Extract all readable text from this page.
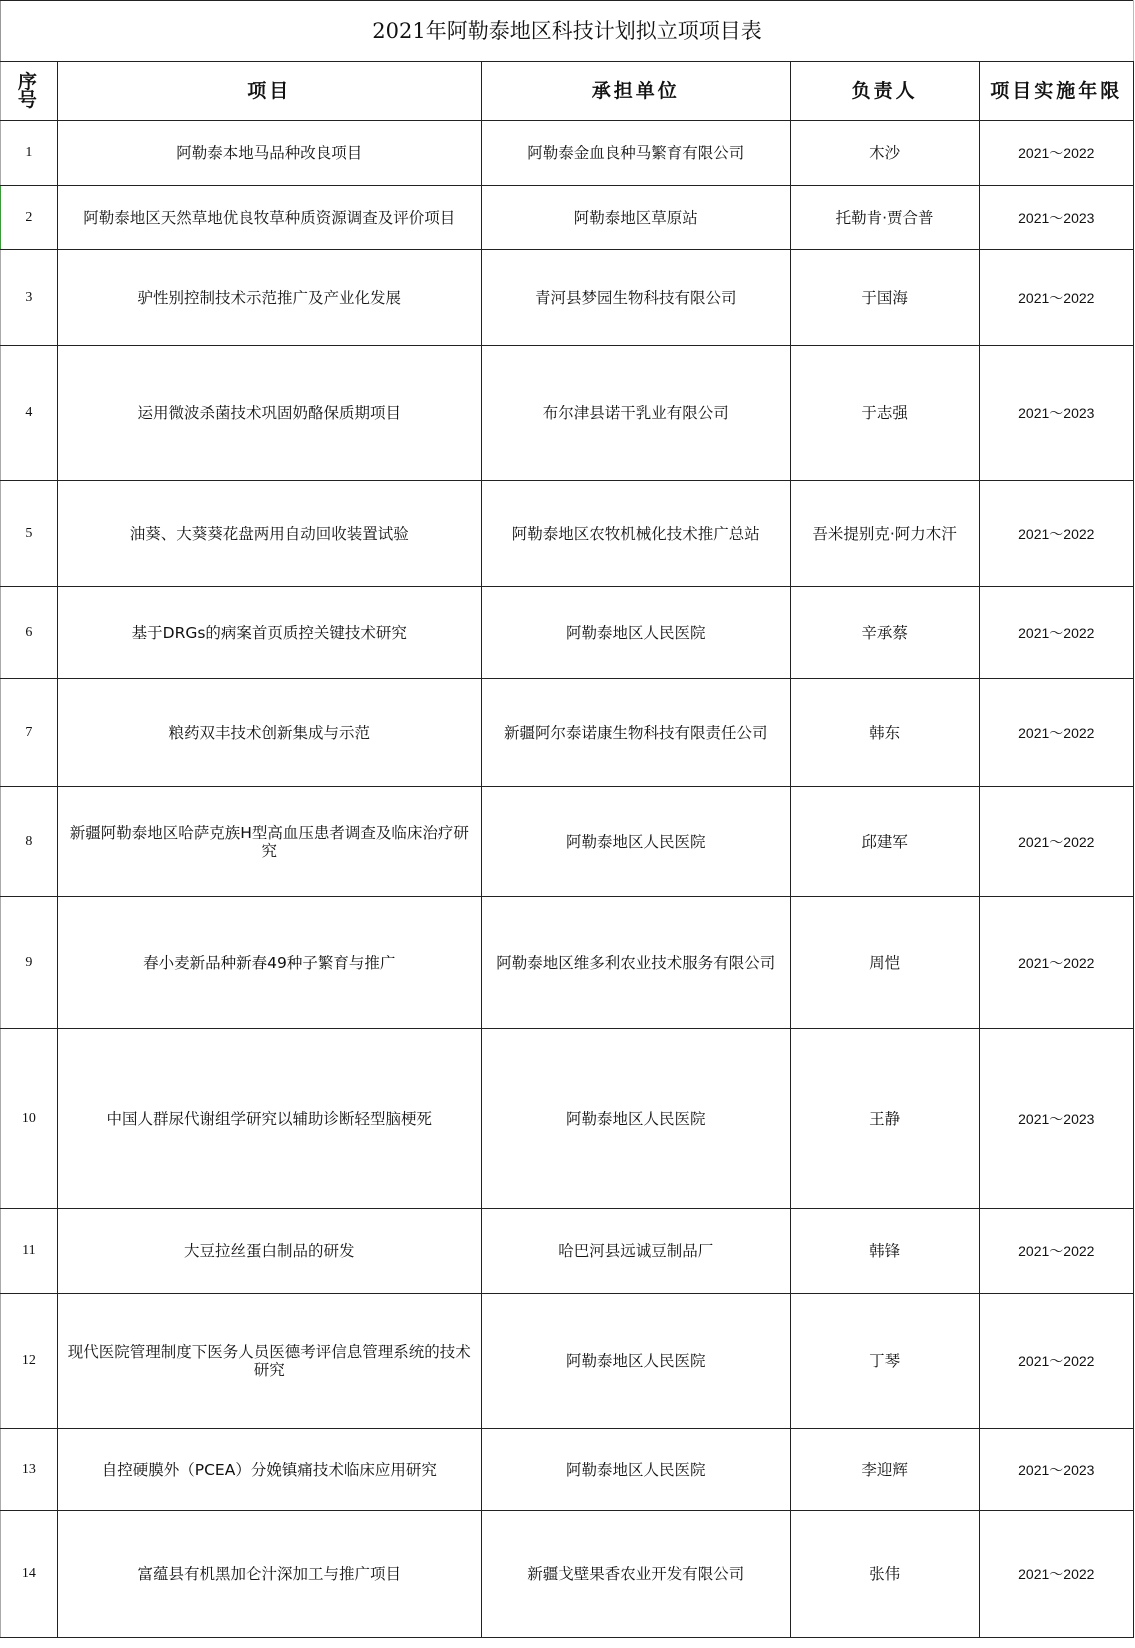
2021年阿勒泰地区科技计划拟立项项目表				
序号	项目	承担单位	负责人	项目实施年限
1	阿勒泰本地马品种改良项目	阿勒泰金血良种马繁育有限公司	木沙	2021～2022
2	阿勒泰地区天然草地优良牧草种质资源调查及评价项目	阿勒泰地区草原站	托勒肯·贾合普	2021～2023
3	驴性别控制技术示范推广及产业化发展	青河县梦园生物科技有限公司	于国海	2021～2022
4	运用微波杀菌技术巩固奶酪保质期项目	布尔津县诺干乳业有限公司	于志强	2021～2023
5	油葵、大葵葵花盘两用自动回收装置试验	阿勒泰地区农牧机械化技术推广总站	吾米提别克·阿力木汗	2021～2022
6	基于DRGs的病案首页质控关键技术研究	阿勒泰地区人民医院	辛承蔡	2021～2022
7	粮药双丰技术创新集成与示范	新疆阿尔泰诺康生物科技有限责任公司	韩东	2021～2022
8	新疆阿勒泰地区哈萨克族H型高血压患者调查及临床治疗研究	阿勒泰地区人民医院	邱建军	2021～2022
9	春小麦新品种新春49种子繁育与推广	阿勒泰地区维多利农业技术服务有限公司	周恺	2021～2022
10	中国人群尿代谢组学研究以辅助诊断轻型脑梗死	阿勒泰地区人民医院	王静	2021～2023
11	大豆拉丝蛋白制品的研发	哈巴河县远诚豆制品厂	韩锋	2021～2022
12	现代医院管理制度下医务人员医德考评信息管理系统的技术研究	阿勒泰地区人民医院	丁琴	2021～2022
13	自控硬膜外（PCEA）分娩镇痛技术临床应用研究	阿勒泰地区人民医院	李迎辉	2021～2023
14	富蕴县有机黑加仑汁深加工与推广项目	新疆戈壁果香农业开发有限公司	张伟	2021～2022
